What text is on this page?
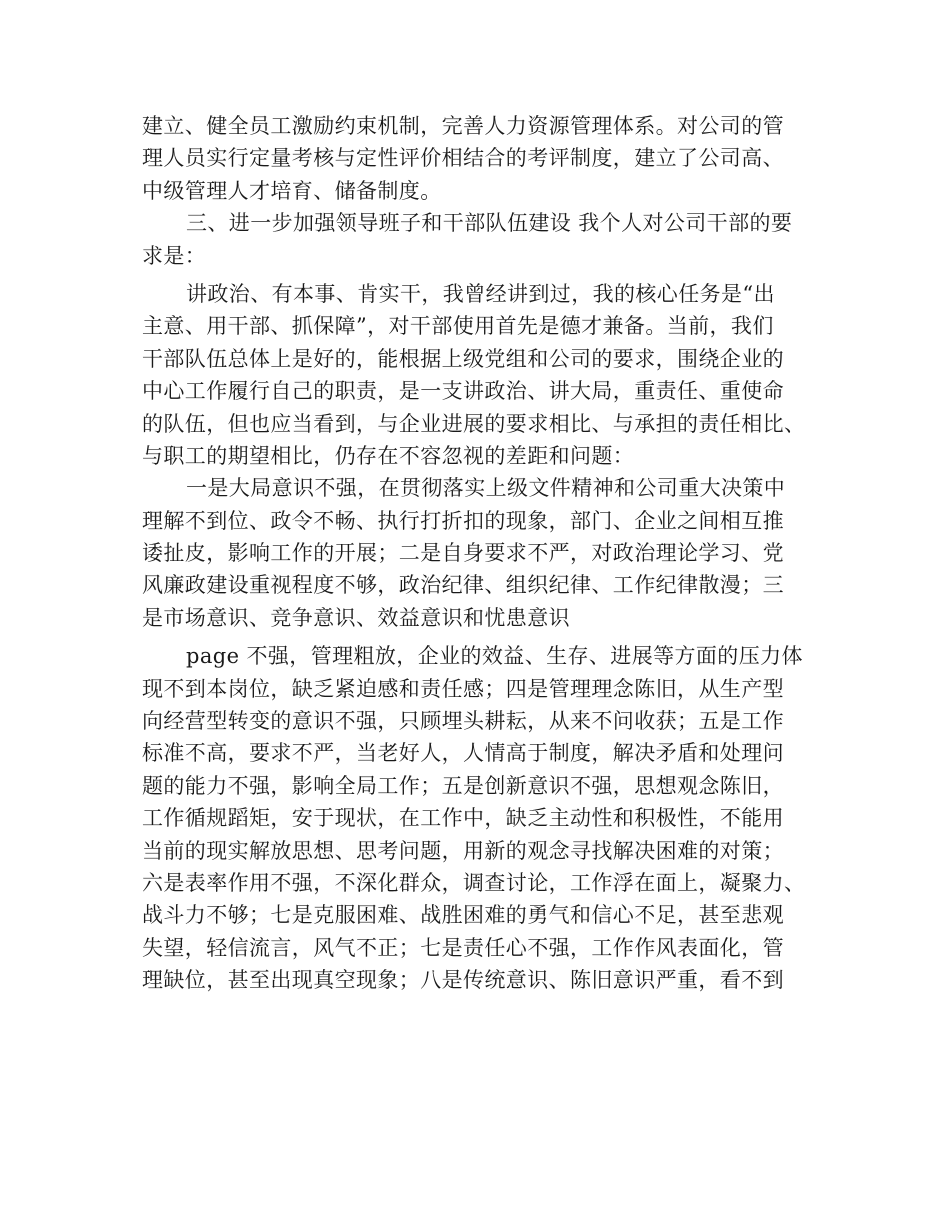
建立、健全员工激励约束机制，完善人力资源管理体系。对公司的管
理人员实行定量考核与定性评价相结合的考评制度，建立了公司高、
中级管理人才培育、储备制度。
三、进一步加强领导班子和干部队伍建设 我个人对公司干部的要
求是：
讲政治、有本事、肯实干，我曾经讲到过，我的核心任务是“出
主意、用干部、抓保障”，对干部使用首先是德才兼备。当前，我们
干部队伍总体上是好的，能根据上级党组和公司的要求，围绕企业的
中心工作履行自己的职责，是一支讲政治、讲大局，重责任、重使命
的队伍，但也应当看到，与企业进展的要求相比、与承担的责任相比、
与职工的期望相比，仍存在不容忽视的差距和问题：
一是大局意识不强，在贯彻落实上级文件精神和公司重大决策中
理解不到位、政令不畅、执行打折扣的现象，部门、企业之间相互推
诿扯皮，影响工作的开展；二是自身要求不严，对政治理论学习、党
风廉政建设重视程度不够，政治纪律、组织纪律、工作纪律散漫；三
是市场意识、竞争意识、效益意识和忧患意识
page 不强，管理粗放，企业的效益、生存、进展等方面的压力体
现不到本岗位，缺乏紧迫感和责任感；四是管理理念陈旧，从生产型
向经营型转变的意识不强，只顾埋头耕耘，从来不问收获；五是工作
标准不高，要求不严，当老好人，人情高于制度，解决矛盾和处理问
题的能力不强，影响全局工作；五是创新意识不强，思想观念陈旧，
工作循规蹈矩，安于现状，在工作中，缺乏主动性和积极性，不能用
当前的现实解放思想、思考问题，用新的观念寻找解决困难的对策；
六是表率作用不强，不深化群众，调查讨论，工作浮在面上，凝聚力、
战斗力不够；七是克服困难、战胜困难的勇气和信心不足，甚至悲观
失望，轻信流言，风气不正；七是责任心不强，工作作风表面化，管
理缺位，甚至出现真空现象；八是传统意识、陈旧意识严重，看不到
